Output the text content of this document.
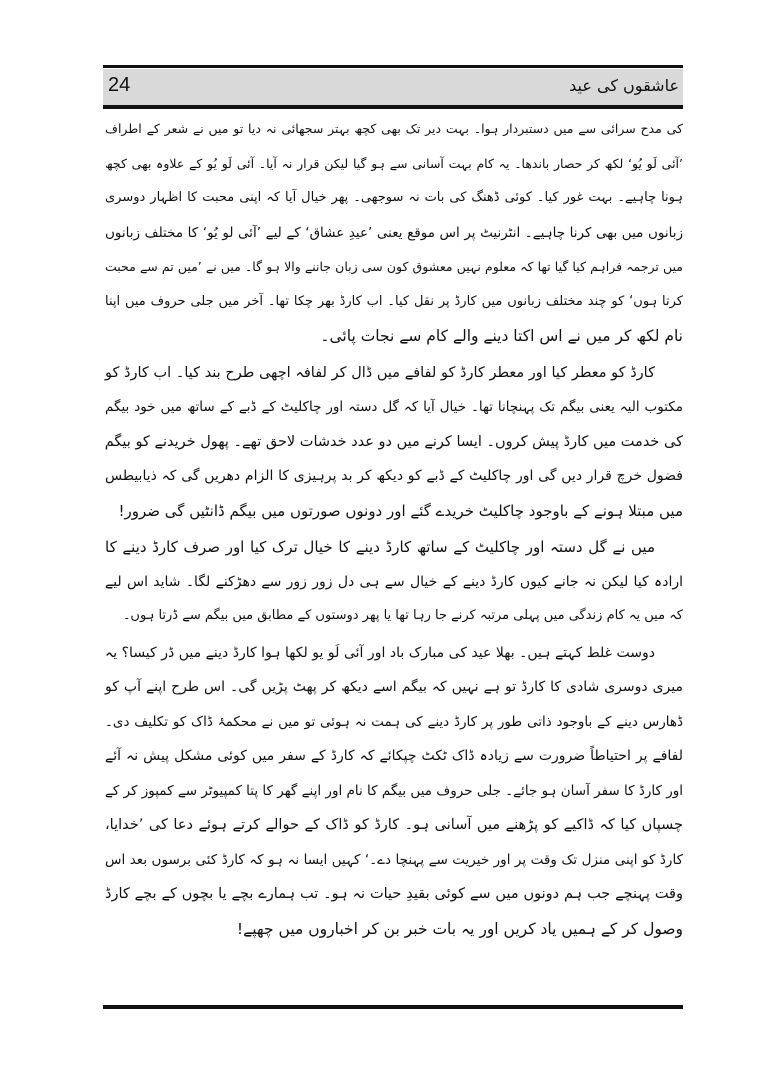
24	عاشقوں کی عید
کی مدح سرائی سے میں دستبردار ہوا۔ بہت دیر تک بھی کچھ بہتر سجھائی نہ دیا تو میں نے شعر کے اطراف
’آئی لَو یُو‘ لکھ کر حصار باندھا۔ یہ کام بہت آسانی سے ہو گیا لیکن قرار نہ آیا۔ آئی لَو یُو کے علاوہ بھی کچھ
ہونا چاہیے۔ بہت غور کیا۔ کوئی ڈھنگ کی بات نہ سوجھی۔ پھر خیال آیا کہ اپنی محبت کا اظہار دوسری
زبانوں میں بھی کرنا چاہیے۔ انٹرنیٹ پر اس موقع یعنی ’عیدِ عشاق‘ کے لیے ’آئی لو یُو‘ کا مختلف زبانوں
میں ترجمہ فراہم کیا گیا تھا کہ معلوم نہیں معشوق کون سی زبان جاننے والا ہو گا۔ میں نے ’میں تم سے محبت
کرتا ہوں‘ کو چند مختلف زبانوں میں کارڈ پر نقل کیا۔ اب کارڈ بھر چکا تھا۔ آخر میں جلی حروف میں اپنا
نام لکھ کر میں نے اس اکتا دینے والے کام سے نجات پائی۔
کارڈ کو معطر کیا اور معطر کارڈ کو لفافے میں ڈال کر لفافہ اچھی طرح بند کیا۔ اب کارڈ کو
مکتوب الیہ یعنی بیگم تک پہنچانا تھا۔ خیال آیا کہ گل دستہ اور چاکلیٹ کے ڈبے کے ساتھ میں خود بیگم
کی خدمت میں کارڈ پیش کروں۔ ایسا کرنے میں دو عدد خدشات لاحق تھے۔ پھول خریدنے کو بیگم
فضول خرچ قرار دیں گی اور چاکلیٹ کے ڈبے کو دیکھ کر بد پرہیزی کا الزام دھریں گی کہ ذیابیطس
میں مبتلا ہونے کے باوجود چاکلیٹ خریدے گئے اور دونوں صورتوں میں بیگم ڈانٹیں گی ضرور!
میں نے گل دستہ اور چاکلیٹ کے ساتھ کارڈ دینے کا خیال ترک کیا اور صرف کارڈ دینے کا
ارادہ کیا لیکن نہ جانے کیوں کارڈ دینے کے خیال سے ہی دل زور زور سے دھڑکنے لگا۔ شاید اس لیے
کہ میں یہ کام زندگی میں پہلی مرتبہ کرنے جا رہا تھا یا پھر دوستوں کے مطابق میں بیگم سے ڈرتا ہوں۔
دوست غلط کہتے ہیں۔ بھلا عید کی مبارک باد اور آئی لَو یو لکھا ہوا کارڈ دینے میں ڈر کیسا؟ یہ
میری دوسری شادی کا کارڈ تو ہے نہیں کہ بیگم اسے دیکھ کر پھٹ پڑیں گی۔ اس طرح اپنے آپ کو
ڈھارس دینے کے باوجود ذاتی طور پر کارڈ دینے کی ہمت نہ ہوئی تو میں نے محکمۂ ڈاک کو تکلیف دی۔
لفافے پر احتیاطاً ضرورت سے زیادہ ڈاک ٹکٹ چپکائے کہ کارڈ کے سفر میں کوئی مشکل پیش نہ آئے
اور کارڈ کا سفر آسان ہو جائے۔ جلی حروف میں بیگم کا نام اور اپنے گھر کا پتا کمپیوٹر سے کمپوز کر کے
چسپاں کیا کہ ڈاکیے کو پڑھنے میں آسانی ہو۔ کارڈ کو ڈاک کے حوالے کرتے ہوئے دعا کی ’خدایا،
کارڈ کو اپنی منزل تک وقت پر اور خیریت سے پہنچا دے۔‘ کہیں ایسا نہ ہو کہ کارڈ کئی برسوں بعد اس
وقت پہنچے جب ہم دونوں میں سے کوئی بقیدِ حیات نہ ہو۔ تب ہمارے بچے یا بچوں کے بچے کارڈ
وصول کر کے ہمیں یاد کریں اور یہ بات خبر بن کر اخباروں میں چھپے!
